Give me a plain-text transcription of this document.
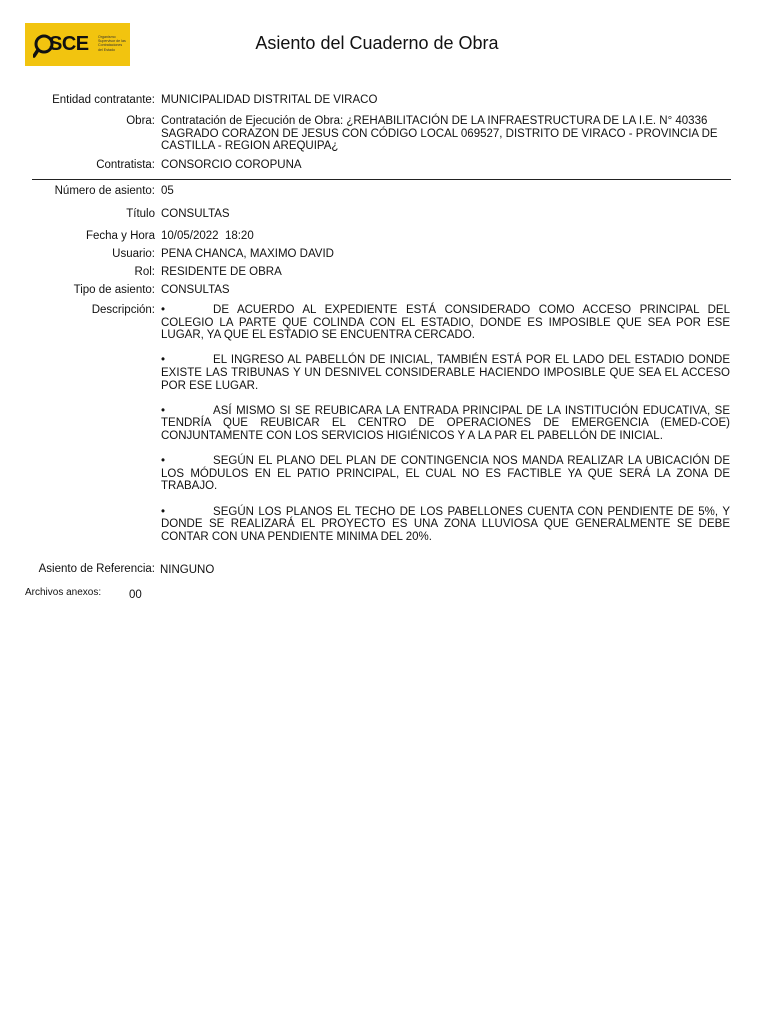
SCE	Organismo Supervisor de las Contrataciones del Estado	Asiento del Cuaderno de Obra
Entidad contratante: MUNICIPALIDAD DISTRITAL DE VIRACO
Obra: Contratación de Ejecución de Obra: ¿REHABILITACIÓN DE LA INFRAESTRUCTURA DE LA I.E. N° 40336 SAGRADO CORAZON DE JESUS CON CÓDIGO LOCAL 069527, DISTRITO DE VIRACO - PROVINCIA DE CASTILLA - REGION AREQUIPA¿
Contratista: CONSORCIO COROPUNA
Número de asiento: 05
Título CONSULTAS
Fecha y Hora 10/05/2022  18:20
Usuario: PENA CHANCA, MAXIMO DAVID
Rol: RESIDENTE DE OBRA
Tipo de asiento: CONSULTAS
Descripción: •	DE ACUERDO AL EXPEDIENTE ESTÁ CONSIDERADO COMO ACCESO PRINCIPAL DEL COLEGIO LA PARTE QUE COLINDA CON EL ESTADIO, DONDE ES IMPOSIBLE QUE SEA POR ESE LUGAR, YA QUE EL ESTADIO SE ENCUENTRA CERCADO.

•	EL INGRESO AL PABELLÓN DE INICIAL, TAMBIÉN ESTÁ POR EL LADO DEL ESTADIO DONDE EXISTE LAS TRIBUNAS Y UN DESNIVEL CONSIDERABLE HACIENDO IMPOSIBLE QUE SEA EL ACCESO POR ESE LUGAR.

•	ASÍ MISMO SI SE REUBICARA LA ENTRADA PRINCIPAL DE LA INSTITUCIÓN EDUCATIVA, SE TENDRÍA QUE REUBICAR EL CENTRO DE OPERACIONES DE EMERGENCIA (EMED-COE) CONJUNTAMENTE CON LOS SERVICIOS HIGIÉNICOS Y A LA PAR EL PABELLÓN DE INICIAL.

•	SEGÚN EL PLANO DEL PLAN DE CONTINGENCIA NOS MANDA REALIZAR LA UBICACIÓN DE LOS MÓDULOS EN EL PATIO PRINCIPAL, EL CUAL NO ES FACTIBLE YA QUE SERÁ LA ZONA DE TRABAJO.

•	SEGÚN LOS PLANOS EL TECHO DE LOS PABELLONES CUENTA CON PENDIENTE DE 5%, Y DONDE SE REALIZARÁ EL PROYECTO ES UNA ZONA LLUVIOSA QUE GENERALMENTE SE DEBE CONTAR CON UNA PENDIENTE MINIMA DEL 20%.

Asiento de Referencia: NINGUNO
Archivos anexos: 00
